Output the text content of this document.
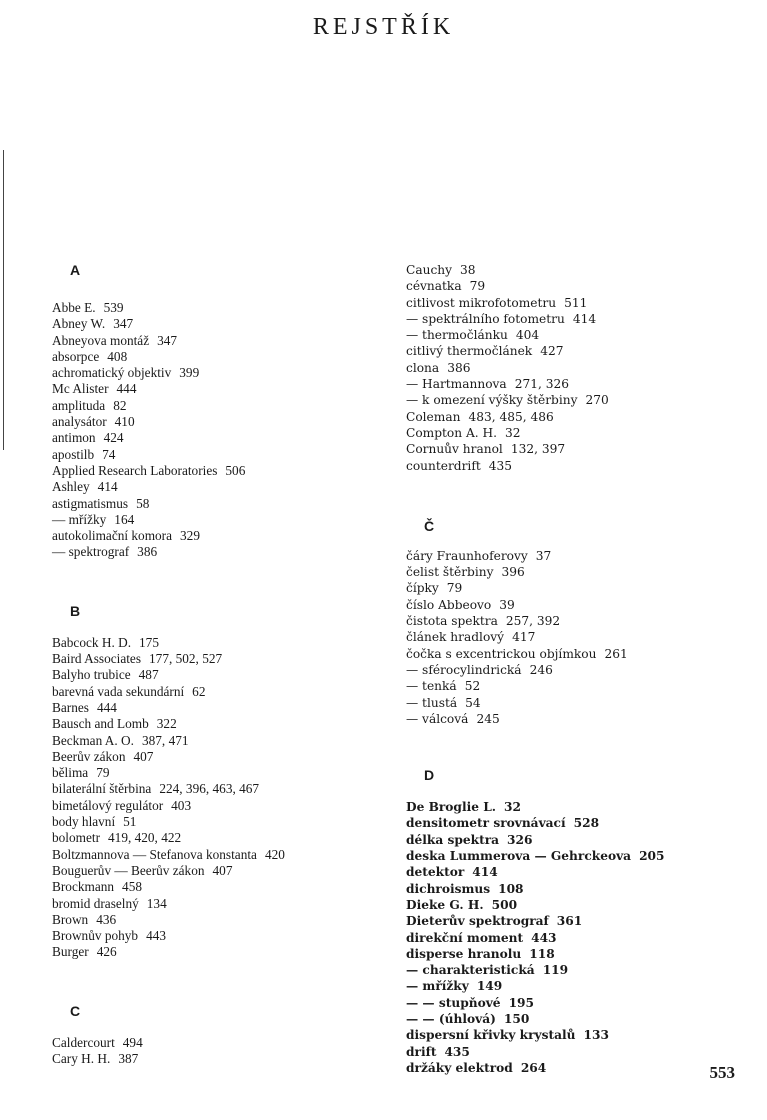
REJSTŘÍK
A
Abbe E. 539
Abney W. 347
Abneyova montáž 347
absorpce 408
achromatický objektiv 399
Mc Alister 444
amplituda 82
analysátor 410
antimon 424
apostilb 74
Applied Research Laboratories 506
Ashley 414
astigmatismus 58
— mřížky 164
autokolimační komora 329
— spektrograf 386
B
Babcock H. D. 175
Baird Associates 177, 502, 527
Balyho trubice 487
barevná vada sekundární 62
Barnes 444
Bausch and Lomb 322
Beckman A. O. 387, 471
Beerův zákon 407
bělima 79
bilaterální štěrbina 224, 396, 463, 467
bimetálový regulátor 403
body hlavní 51
bolometr 419, 420, 422
Boltzmannova — Stefanova konstanta 420
Bouguerův — Beerův zákon 407
Brockmann 458
bromid draselný 134
Brown 436
Brownův pohyb 443
Burger 426
C
Caldercourt 494
Cary H. H. 387
Cauchy 38
cévnatka 79
citlivost mikrofotometru 511
— spektrálního fotometru 414
— thermočlánku 404
citlivý thermočlánek 427
clona 386
— Hartmannova 271, 326
— k omezení výšky štěrbiny 270
Coleman 483, 485, 486
Compton A. H. 32
Cornuův hranol 132, 397
counterdrift 435
Č
čáry Fraunhoferovy 37
čelist štěrbiny 396
čípky 79
číslo Abbeovo 39
čistota spektra 257, 392
článek hradlový 417
čočka s excentrickou objímkou 261
— sférocylindrická 246
— tenká 52
— tlustá 54
— válcová 245
D
De Broglie L. 32
densitometr srovnávací 528
délka spektra 326
deska Lummerova — Gehrckeova 205
detektor 414
dichroismus 108
Dieke G. H. 500
Dieterův spektrograf 361
direkční moment 443
disperse hranolu 118
— charakteristická 119
— mřížky 149
— — stupňové 195
— — (úhlová) 150
dispersní křivky krystalů 133
drift 435
držáky elektrod 264	553
